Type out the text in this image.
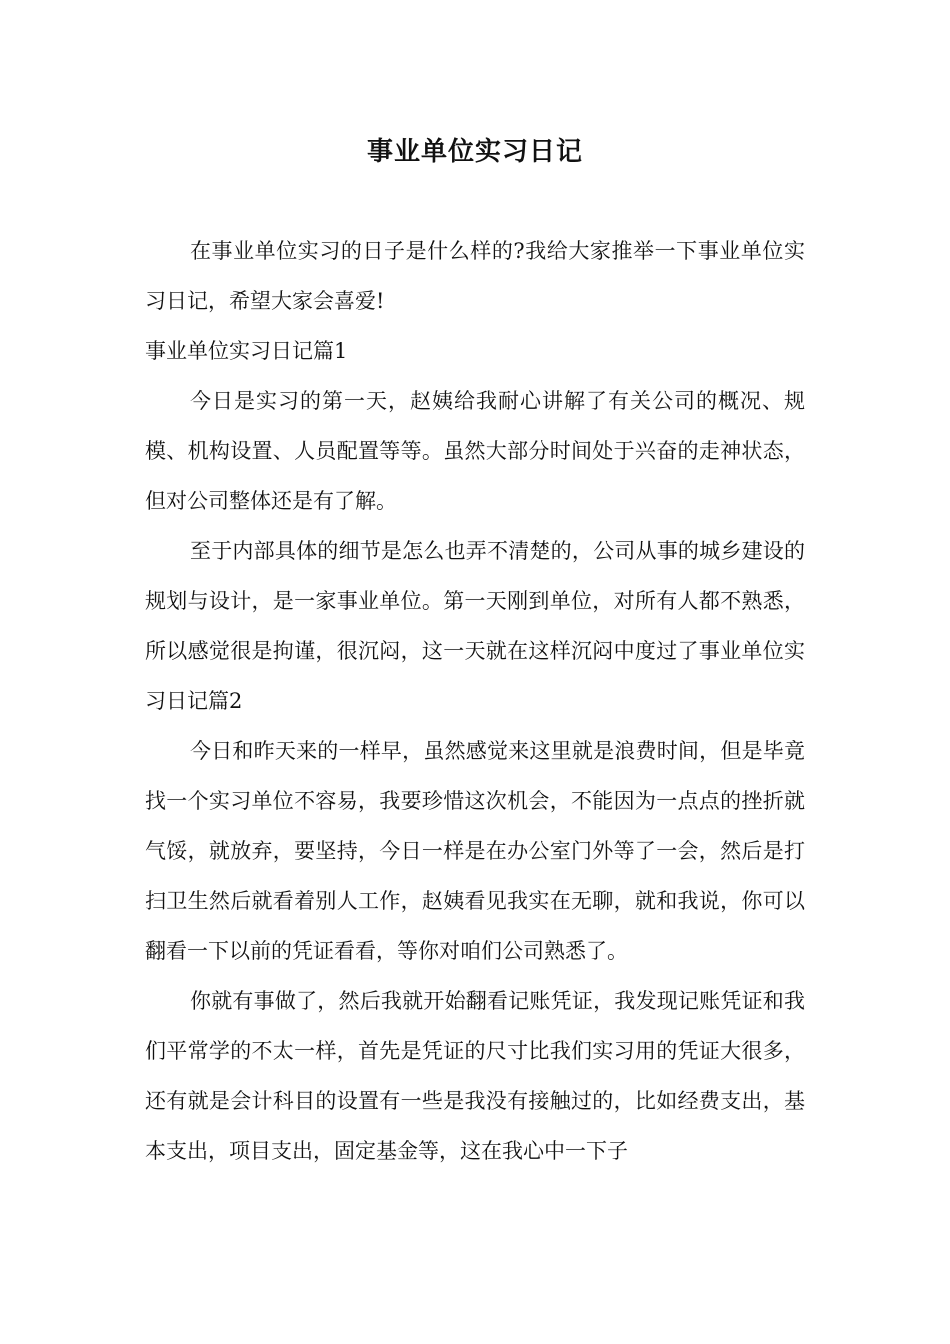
事业单位实习日记

在事业单位实习的日子是什么样的?我给大家推举一下事业单位实习日记，希望大家会喜爱!

事业单位实习日记篇1

今日是实习的第一天，赵姨给我耐心讲解了有关公司的概况、规模、机构设置、人员配置等等。虽然大部分时间处于兴奋的走神状态，但对公司整体还是有了解。

至于内部具体的细节是怎么也弄不清楚的，公司从事的城乡建设的规划与设计，是一家事业单位。第一天刚到单位，对所有人都不熟悉，所以感觉很是拘谨，很沉闷，这一天就在这样沉闷中度过了事业单位实习日记篇2

今日和昨天来的一样早，虽然感觉来这里就是浪费时间，但是毕竟找一个实习单位不容易，我要珍惜这次机会，不能因为一点点的挫折就气馁，就放弃，要坚持，今日一样是在办公室门外等了一会，然后是打扫卫生然后就看着别人工作，赵姨看见我实在无聊，就和我说，你可以翻看一下以前的凭证看看，等你对咱们公司熟悉了。

你就有事做了，然后我就开始翻看记账凭证，我发现记账凭证和我们平常学的不太一样，首先是凭证的尺寸比我们实习用的凭证大很多，还有就是会计科目的设置有一些是我没有接触过的，比如经费支出，基本支出，项目支出，固定基金等，这在我心中一下子
